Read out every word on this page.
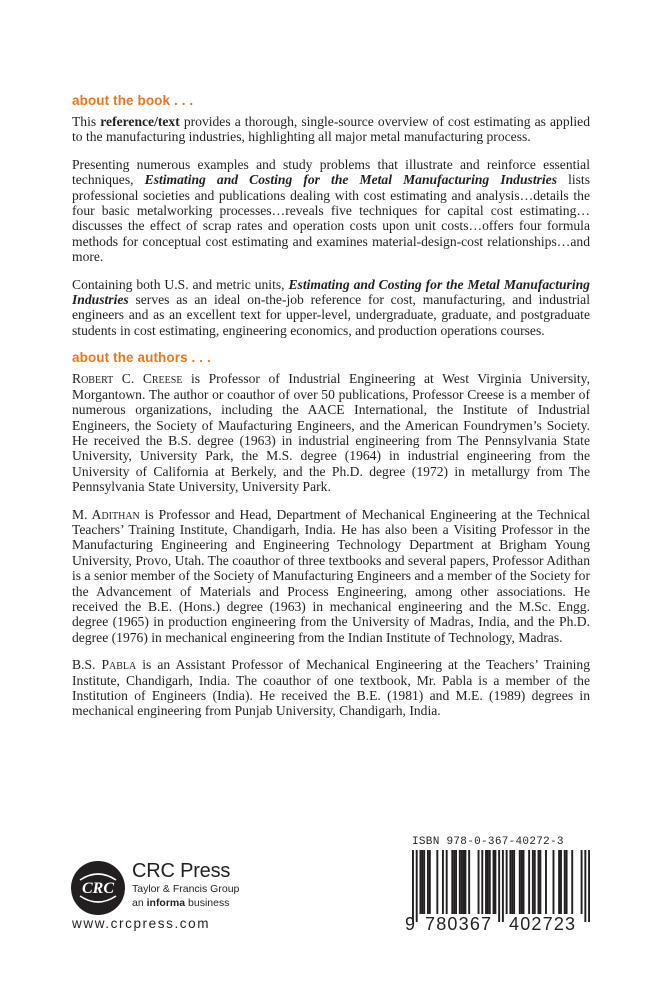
about the book . . .

This reference/text provides a thorough, single-source overview of cost estimating as applied to the manufacturing industries, highlighting all major metal manufacturing process.

Presenting numerous examples and study problems that illustrate and reinforce essential techniques, Estimating and Costing for the Metal Manufacturing Industries lists professional societies and publications dealing with cost estimating and analysis…details the four basic metalworking processes…reveals five techniques for capital cost estimating…discusses the effect of scrap rates and operation costs upon unit costs…offers four formula methods for conceptual cost estimating and examines material-design-cost relationships…and more.

Containing both U.S. and metric units, Estimating and Costing for the Metal Manufacturing Industries serves as an ideal on-the-job reference for cost, manufacturing, and industrial engineers and as an excellent text for upper-level, undergraduate, graduate, and postgraduate students in cost estimating, engineering economics, and production operations courses.

about the authors . . .

Robert C. Creese is Professor of Industrial Engineering at West Virginia University, Morgantown. The author or coauthor of over 50 publications, Professor Creese is a member of numerous organizations, including the AACE International, the Institute of Industrial Engineers, the Society of Maufacturing Engineers, and the American Foundrymen’s Society. He received the B.S. degree (1963) in industrial engineering from The Pennsylvania State University, University Park, the M.S. degree (1964) in industrial engineering from the University of California at Berkely, and the Ph.D. degree (1972) in metallurgy from The Pennsylvania State University, University Park.

M. Adithan is Professor and Head, Department of Mechanical Engineering at the Technical Teachers’ Training Institute, Chandigarh, India. He has also been a Visiting Professor in the Manufacturing Engineering and Engineering Technology Department at Brigham Young University, Provo, Utah. The coauthor of three textbooks and several papers, Professor Adithan is a senior member of the Society of Manufacturing Engineers and a member of the Society for the Advancement of Materials and Process Engineering, among other associations. He received the B.E. (Hons.) degree (1963) in mechanical engineering and the M.Sc. Engg. degree (1965) in production engineering from the University of Madras, India, and the Ph.D. degree (1976) in mechanical engineering from the Indian Institute of Technology, Madras.

B.S. Pabla is an Assistant Professor of Mechanical Engineering at the Teachers’ Training Institute, Chandigarh, India. The coauthor of one textbook, Mr. Pabla is a member of the Institution of Engineers (India). He received the B.E. (1981) and M.E. (1989) degrees in mechanical engineering from Punjab University, Chandigarh, India.

CRC
CRC Press
Taylor & Francis Group
an informa business
www.crcpress.com
ISBN 978-0-367-40272-3
9 780367 402723
